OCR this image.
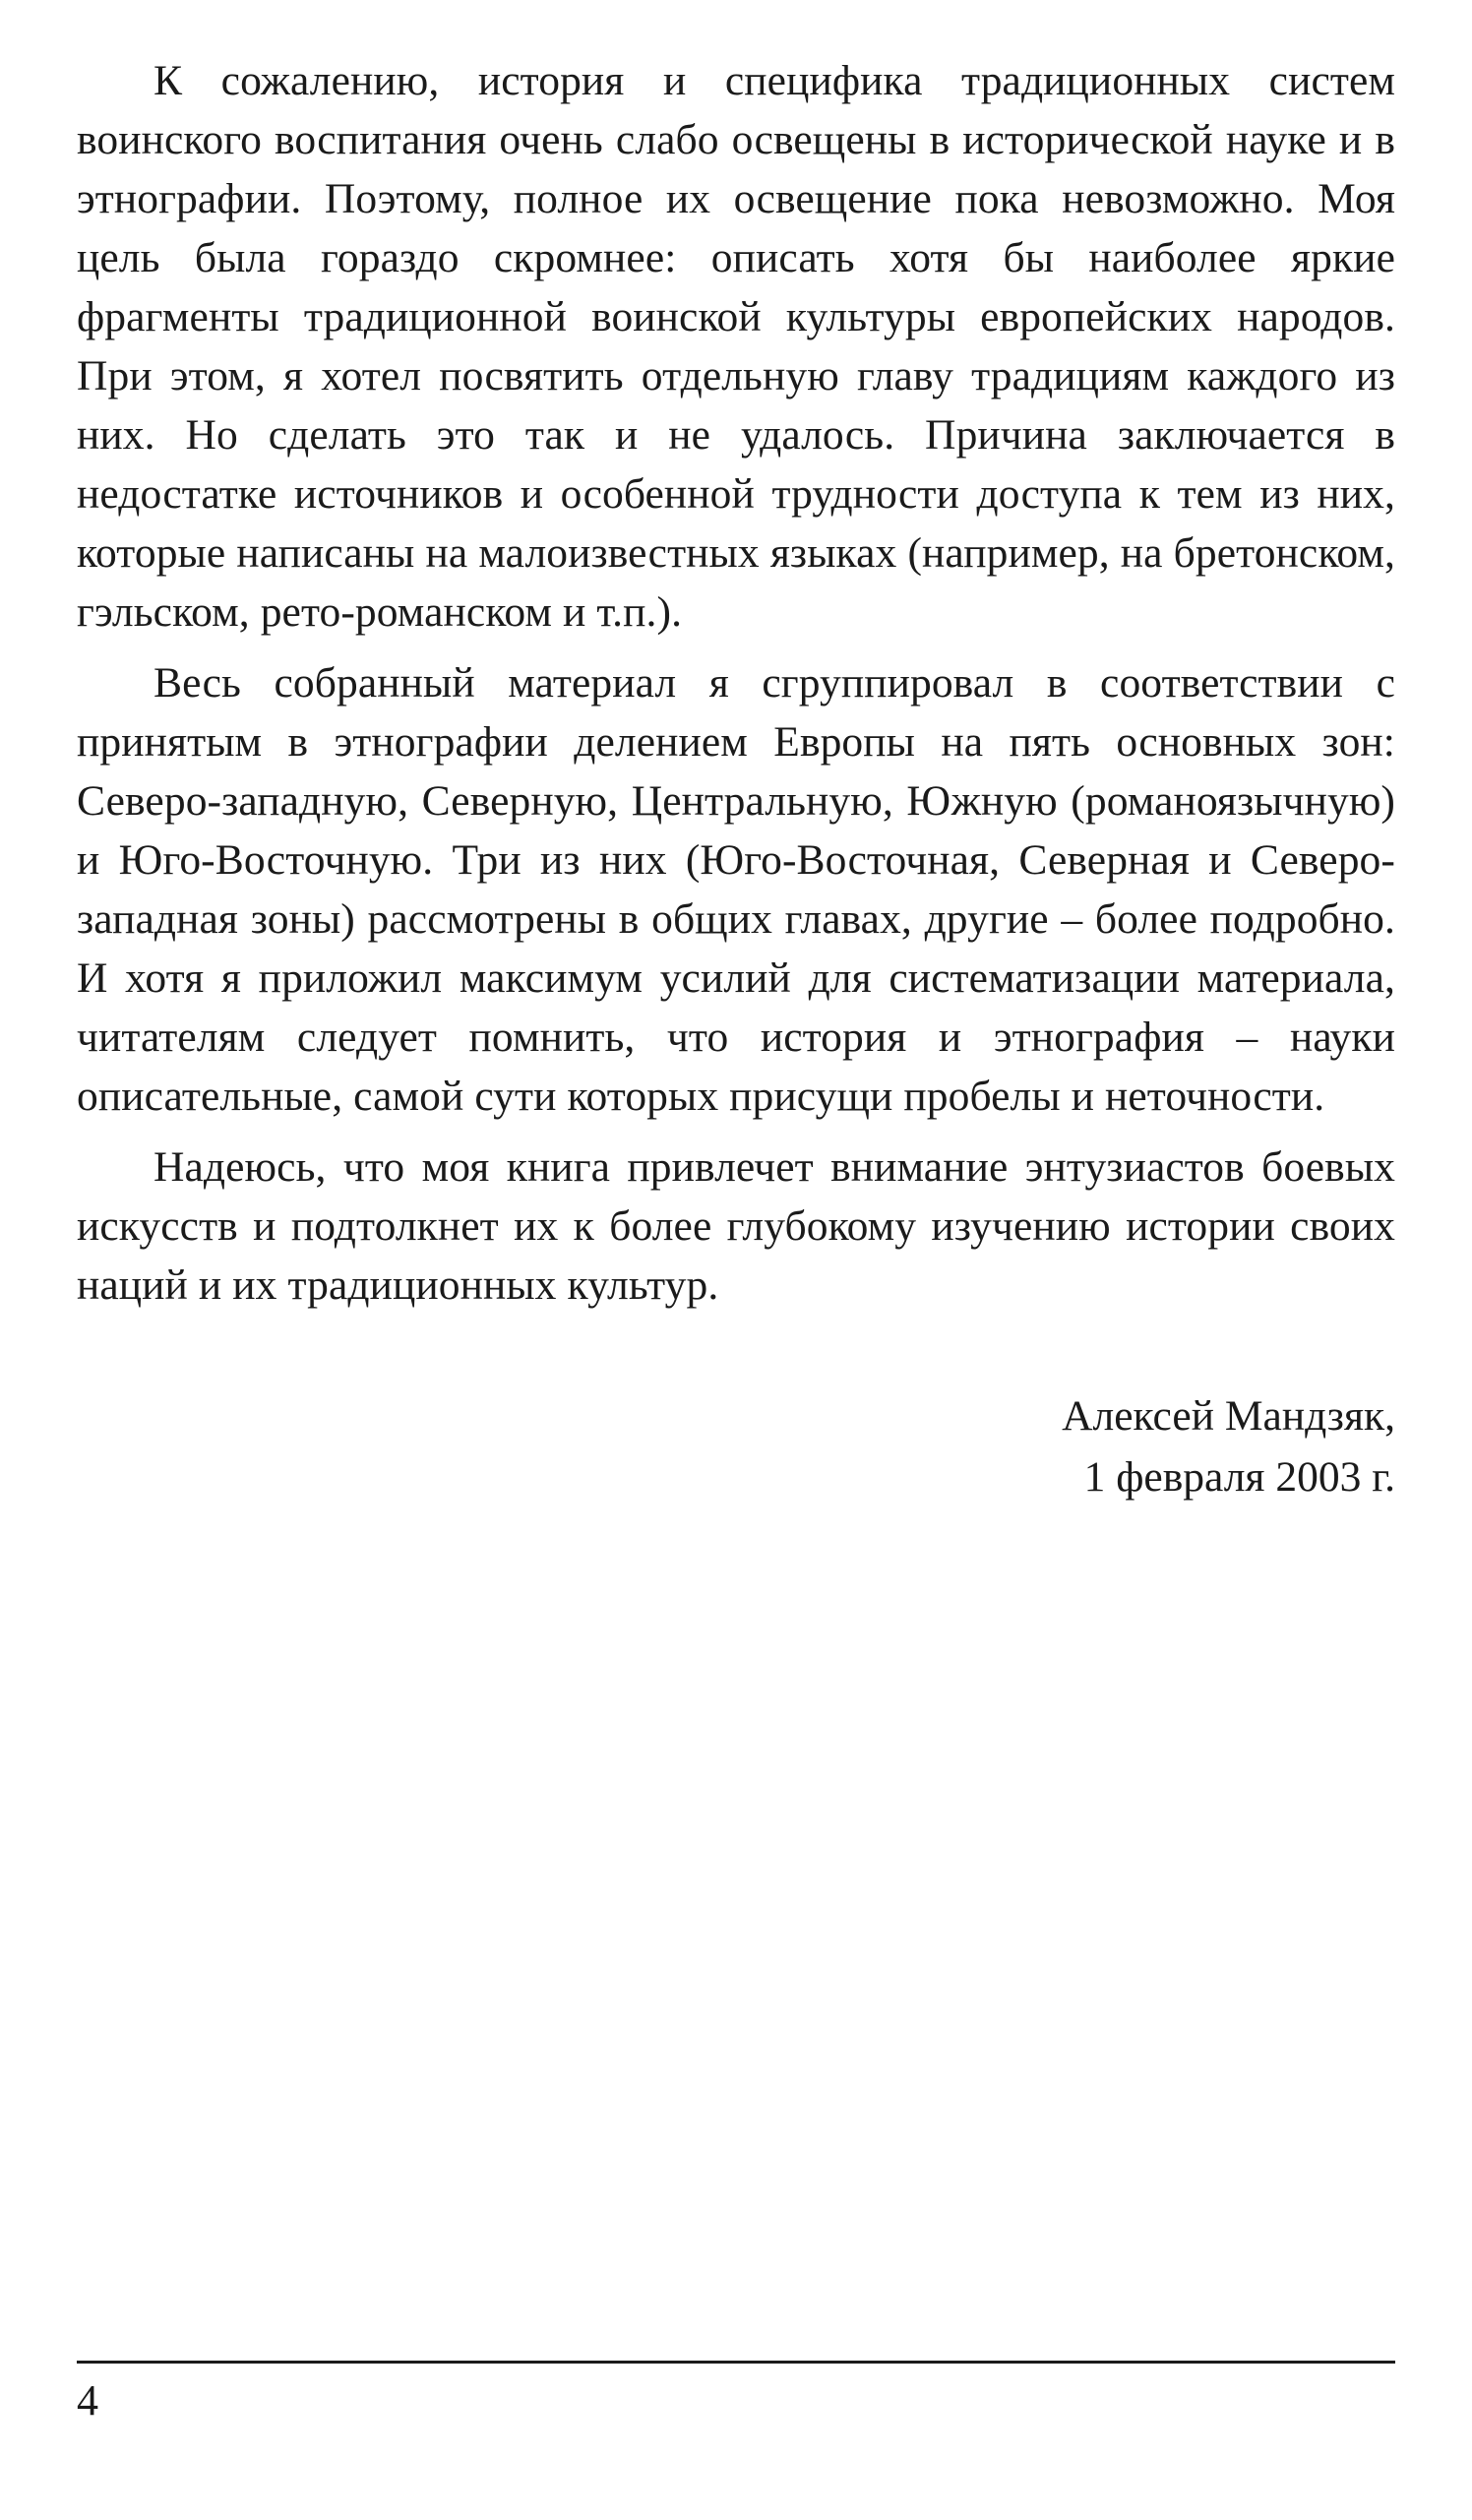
К сожалению, история и специфика традиционных систем воинского воспитания очень слабо освещены в исторической науке и в этнографии. Поэтому, полное их освещение пока невозможно. Моя цель была гораздо скромнее: описать хотя бы наиболее яркие фрагменты традиционной воинской культуры европейских народов. При этом, я хотел посвятить отдельную главу традициям каждого из них. Но сделать это так и не удалось. Причина заключается в недостатке источников и особенной трудности доступа к тем из них, которые написаны на малоизвестных языках (например, на бретонском, гэльском, рето-романском и т.п.).

Весь собранный материал я сгруппировал в соответствии с принятым в этнографии делением Европы на пять основных зон: Северо-западную, Северную, Центральную, Южную (романоязычную) и Юго-Восточную. Три из них (Юго-Восточная, Северная и Северо-западная зоны) рассмотрены в общих главах, другие – более подробно. И хотя я приложил максимум усилий для систематизации материала, читателям следует помнить, что история и этнография – науки описательные, самой сути которых присущи пробелы и неточности.

Надеюсь, что моя книга привлечет внимание энтузиастов боевых искусств и подтолкнет их к более глубокому изучению истории своих наций и их традиционных культур.

Алексей Мандзяк,
1 февраля 2003 г.
4
